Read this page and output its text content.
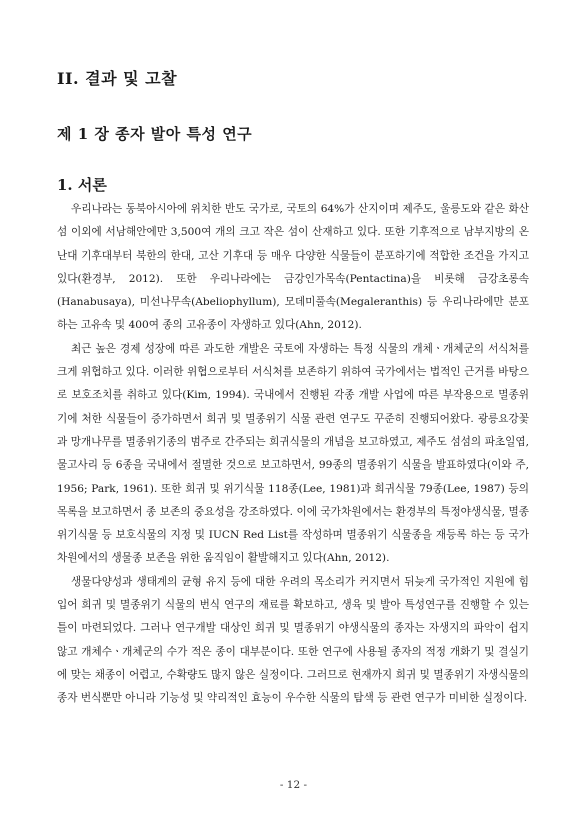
II. 결과 및 고찰
제 1 장 종자 발아 특성 연구
1. 서론

우리나라는 동북아시아에 위치한 반도 국가로, 국토의 64%가 산지이며 제주도, 울릉도와 같은 화산섬 이외에 서남해안에만 3,500여 개의 크고 작은 섬이 산재하고 있다. 또한 기후적으로 남부지방의 온난대 기후대부터 북한의 한대, 고산 기후대 등 매우 다양한 식물들이 분포하기에 적합한 조건을 가지고 있다(환경부, 2012). 또한 우리나라에는 금강인가목속(Pentactina)을 비롯해 금강초롱속(Hanabusaya), 미선나무속(Abeliophyllum), 모데미풀속(Megaleranthis) 등 우리나라에만 분포하는 고유속 및 400여 종의 고유종이 자생하고 있다(Ahn, 2012).

최근 높은 경제 성장에 따른 과도한 개발은 국토에 자생하는 특정 식물의 개체ㆍ개체군의 서식처를 크게 위협하고 있다. 이러한 위협으로부터 서식처를 보존하기 위하여 국가에서는 법적인 근거를 바탕으로 보호조치를 취하고 있다(Kim, 1994). 국내에서 진행된 각종 개발 사업에 따른 부작용으로 멸종위기에 처한 식물들이 증가하면서 희귀 및 멸종위기 식물 관련 연구도 꾸준히 진행되어왔다. 광릉요강꽃과 망개나무를 멸종위기종의 범주로 간주되는 희귀식물의 개념을 보고하였고, 제주도 섬섬의 파초일엽, 물고사리 등 6종을 국내에서 절멸한 것으로 보고하면서, 99종의 멸종위기 식물을 발표하였다(이와 주, 1956; Park, 1961). 또한 희귀 및 위기식물 118종(Lee, 1981)과 희귀식물 79종(Lee, 1987) 등의 목록을 보고하면서 종 보존의 중요성을 강조하였다. 이에 국가차원에서는 환경부의 특정야생식물, 멸종위기식물 등 보호식물의 지정 및 IUCN Red List를 작성하며 멸종위기 식물종을 재등록 하는 등 국가 차원에서의 생물종 보존을 위한 움직임이 활발해지고 있다(Ahn, 2012).

생물다양성과 생태계의 균형 유지 등에 대한 우려의 목소리가 커지면서 뒤늦게 국가적인 지원에 힘입어 희귀 및 멸종위기 식물의 번식 연구의 재료를 확보하고, 생육 및 발아 특성연구를 진행할 수 있는 틀이 마련되었다. 그러나 연구개발 대상인 희귀 및 멸종위기 야생식물의 종자는 자생지의 파악이 쉽지 않고 개체수ㆍ개체군의 수가 적은 종이 대부분이다. 또한 연구에 사용될 종자의 적정 개화기 및 결실기에 맞는 채종이 어렵고, 수확량도 많지 않은 실정이다. 그러므로 현재까지 희귀 및 멸종위기 자생식물의 종자 번식뿐만 아니라 기능성 및 약리적인 효능이 우수한 식물의 탐색 등 관련 연구가 미비한 실정이다.

- 12 -
